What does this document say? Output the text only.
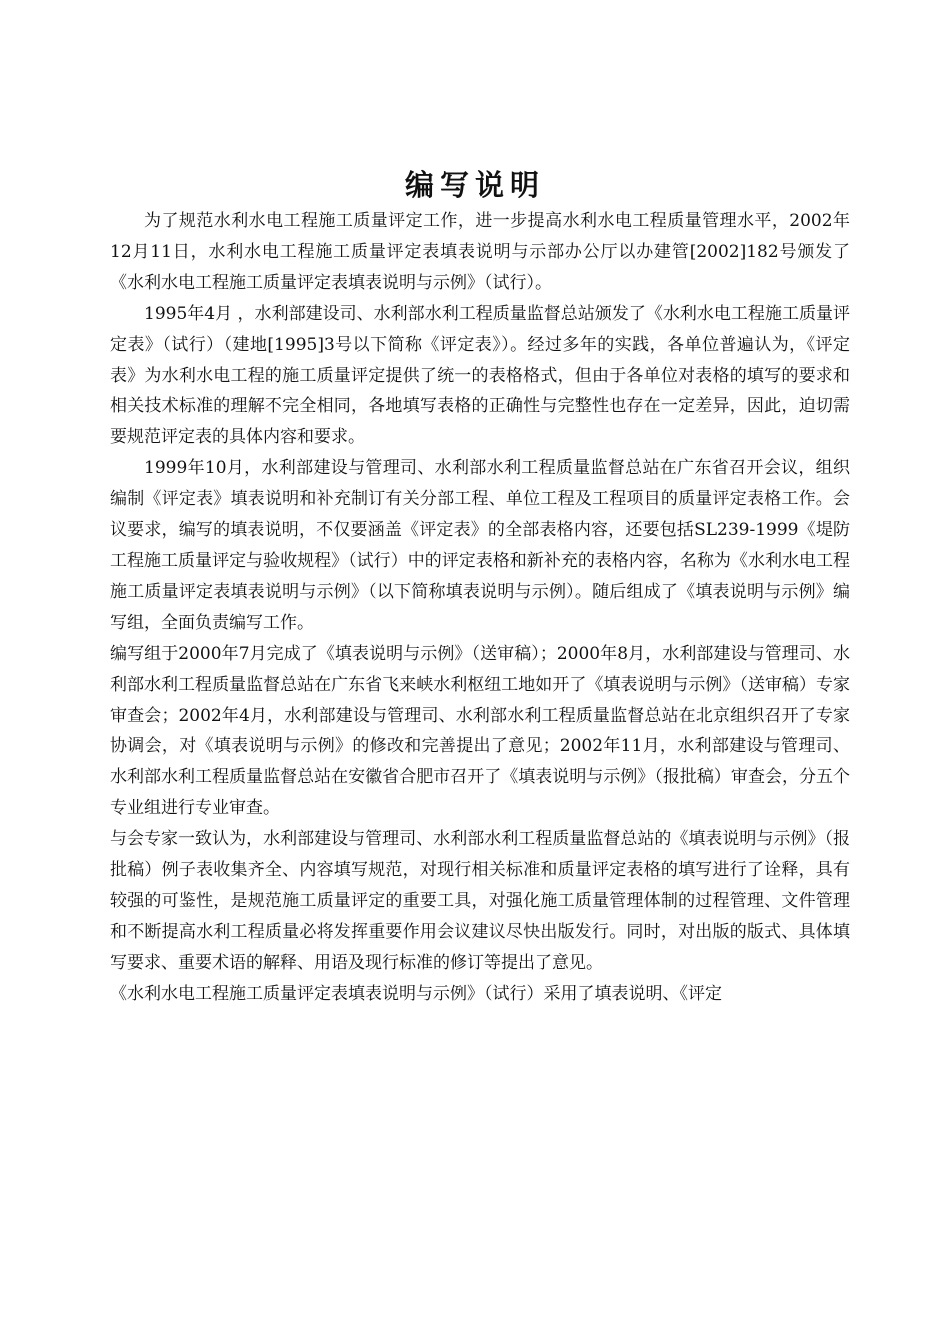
编写说明

为了规范水利水电工程施工质量评定工作，进一步提高水利水电工程质量管理水平，2002年12月11日，水利水电工程施工质量评定表填表说明与示部办公厅以办建管[2002]182号颁发了《水利水电工程施工质量评定表填表说明与示例》（试行）。

1995年4月 ，水利部建设司、水利部水利工程质量监督总站颁发了《水利水电工程施工质量评定表》（试行）（建地[1995]3号以下简称《评定表》）。经过多年的实践，各单位普遍认为，《评定表》为水利水电工程的施工质量评定提供了统一的表格格式，但由于各单位对表格的填写的要求和相关技术标准的理解不完全相同，各地填写表格的正确性与完整性也存在一定差异，因此，迫切需要规范评定表的具体内容和要求。

1999年10月，水利部建设与管理司、水利部水利工程质量监督总站在广东省召开会议，组织编制《评定表》填表说明和补充制订有关分部工程、单位工程及工程项目的质量评定表格工作。会议要求，编写的填表说明，不仅要涵盖《评定表》的全部表格内容，还要包括SL239-1999《堤防工程施工质量评定与验收规程》（试行）中的评定表格和新补充的表格内容，名称为《水利水电工程施工质量评定表填表说明与示例》（以下简称填表说明与示例）。随后组成了《填表说明与示例》编写组，全面负责编写工作。

编写组于2000年7月完成了《填表说明与示例》（送审稿）；2000年8月，水利部建设与管理司、水利部水利工程质量监督总站在广东省飞来峡水利枢纽工地如开了《填表说明与示例》（送审稿）专家审查会；2002年4月，水利部建设与管理司、水利部水利工程质量监督总站在北京组织召开了专家协调会，对《填表说明与示例》的修改和完善提出了意见；2002年11月，水利部建设与管理司、水利部水利工程质量监督总站在安徽省合肥市召开了《填表说明与示例》（报批稿）审查会，分五个专业组进行专业审查。

与会专家一致认为，水利部建设与管理司、水利部水利工程质量监督总站的《填表说明与示例》（报批稿）例子表收集齐全、内容填写规范，对现行相关标准和质量评定表格的填写进行了诠释，具有较强的可鉴性，是规范施工质量评定的重要工具，对强化施工质量管理体制的过程管理、文件管理和不断提高水利工程质量必将发挥重要作用会议建议尽快出版发行。同时，对出版的版式、具体填写要求、重要术语的解释、用语及现行标准的修订等提出了意见。

《水利水电工程施工质量评定表填表说明与示例》（试行）采用了填表说明、《评定
